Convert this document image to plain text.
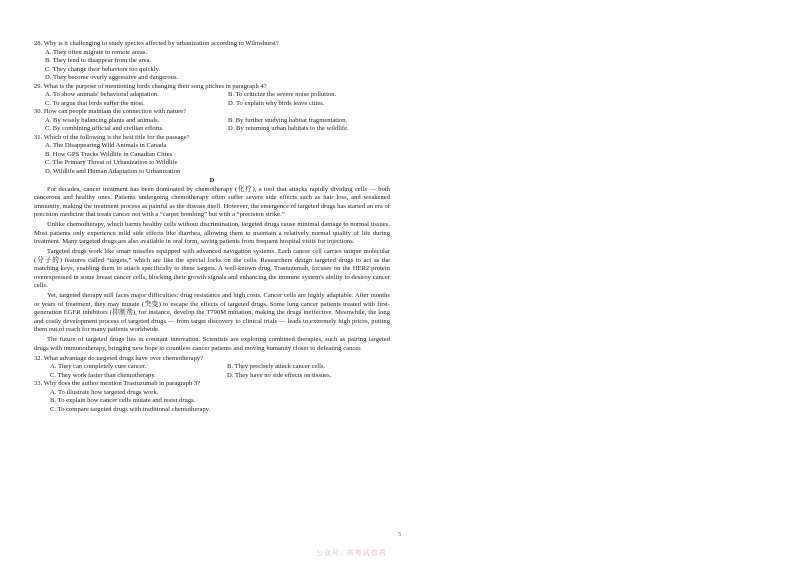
28. Why is it challenging to study species affected by urbanization according to Wilmshurst?
A. They often migrate to remote areas.
B. They tend to disappear from the area.
C. They change their behaviors too quickly.
D. They become overly aggressive and dangerous.
29. What is the purpose of mentioning birds changing their song pitches in paragraph 4?
A. To show animals' behavioral adaptation.	B. To criticize the severe noise pollution.
C. To argue that birds suffer the most.	D. To explain why birds leave cities.
30. How can people maintain the connection with nature?
A. By wisely balancing plants and animals.	B. By further studying habitat fragmentation.
C. By combining official and civilian efforts.	D. By returning urban habitats to the wildlife.
31. Which of the following is the best title for the passage?
A. The Disappearing Wild Animals in Canada
B. How GPS Tracks Wildlife in Canadian Cities
C. The Primary Threat of Urbanization to Wildlife
D. Wildlife and Human Adaptation to Urbanization
D

For decades, cancer treatment has been dominated by chemotherapy (化疗), a tool that attacks rapidly dividing cells — both cancerous and healthy ones. Patients undergoing chemotherapy often suffer severe side effects such as hair loss, and weakened immunity, making the treatment process as painful as the disease itself. However, the emergence of targeted drugs has started an era of precision medicine that treats cancer not with a “carpet bombing” but with a “precision strike.”

Unlike chemotherapy, which harms healthy cells without discrimination, targeted drugs cause minimal damage to normal tissues. Most patients only experience mild side effects like diarrhea, allowing them to maintain a relatively normal quality of life during treatment. Many targeted drugs are also available in oral form, saving patients from frequent hospital visits for injections.

Targeted drugs work like smart missiles equipped with advanced navigation systems. Each cancer cell carries unique molecular (分子的) features called “targets,” which are like the special locks on the cells. Researchers design targeted drugs to act as the matching keys, enabling them to attach specifically to these targets. A well-known drug, Trastuzumab, focuses on the HER2 protein overexpressed in some breast cancer cells, blocking their growth signals and enhancing the immune system's ability to destroy cancer cells.

Yet, targeted therapy still faces major difficulties: drug resistance and high costs. Cancer cells are highly adaptable. After months or years of treatment, they may mutate (突变) to escape the effects of targeted drugs. Some lung cancer patients treated with first-generation EGFR inhibitors (抑制剂), for instance, develop the T790M mutation, making the drugs ineffective. Meanwhile, the long and costly development process of targeted drugs — from target discovery to clinical trials — leads to extremely high prices, putting them out of reach for many patients worldwide.

The future of targeted drugs lies in constant innovation. Scientists are exploring combined therapies, such as pairing targeted drugs with immunotherapy, bringing new hope to countless cancer patients and moving humanity closer to defeating cancer.

32. What advantage do targeted drugs have over chemotherapy?
A. They can completely cure cancer.	B. They precisely attack cancer cells.
C. They work faster than chemotherapy.	D. They have no side effects on tissues.
33. Why does the author mention Trastuzumab in paragraph 3?
A. To illustrate how targeted drugs work.
B. To explain how cancer cells mutate and resist drugs.
C. To compare targeted drugs with traditional chemotherapy.
5
公众号: 高考试卷君
